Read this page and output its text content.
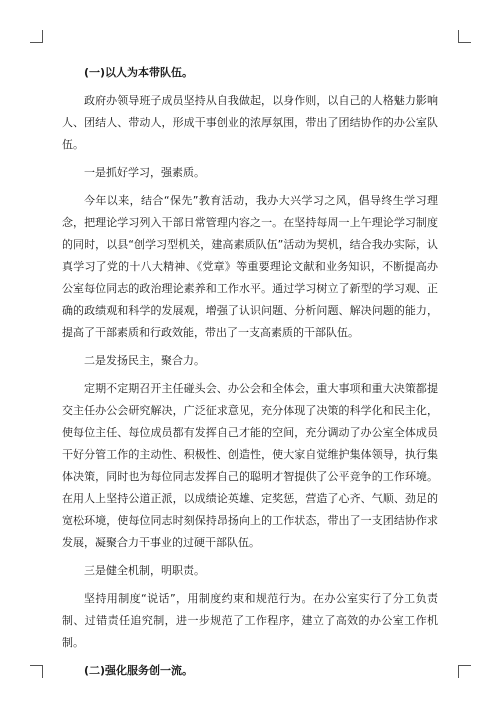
(一)以人为本带队伍。

政府办领导班子成员坚持从自我做起，以身作则，以自己的人格魅力影响人、团结人、带动人，形成干事创业的浓厚氛围，带出了团结协作的办公室队伍。

一是抓好学习，强素质。

今年以来，结合“保先”教育活动，我办大兴学习之风，倡导终生学习理念，把理论学习列入干部日常管理内容之一。在坚持每周一上午理论学习制度的同时，以县“创学习型机关，建高素质队伍”活动为契机，结合我办实际，认真学习了党的十八大精神、《党章》等重要理论文献和业务知识，不断提高办公室每位同志的政治理论素养和工作水平。通过学习树立了新型的学习观、正确的政绩观和科学的发展观，增强了认识问题、分析问题、解决问题的能力，提高了干部素质和行政效能，带出了一支高素质的干部队伍。

二是发扬民主，聚合力。

定期不定期召开主任碰头会、办公会和全体会，重大事项和重大决策都提交主任办公会研究解决，广泛征求意见，充分体现了决策的科学化和民主化，使每位主任、每位成员都有发挥自己才能的空间，充分调动了办公室全体成员干好分管工作的主动性、积极性、创造性，使大家自觉维护集体领导，执行集体决策，同时也为每位同志发挥自己的聪明才智提供了公平竞争的工作环境。在用人上坚持公道正派，以成绩论英雄、定奖惩，营造了心齐、气顺、劲足的宽松环境，使每位同志时刻保持昂扬向上的工作状态，带出了一支团结协作求发展，凝聚合力干事业的过硬干部队伍。

三是健全机制，明职责。

坚持用制度“说话”，用制度约束和规范行为。在办公室实行了分工负责制、过错责任追究制，进一步规范了工作程序，建立了高效的办公室工作机制。

(二)强化服务创一流。
